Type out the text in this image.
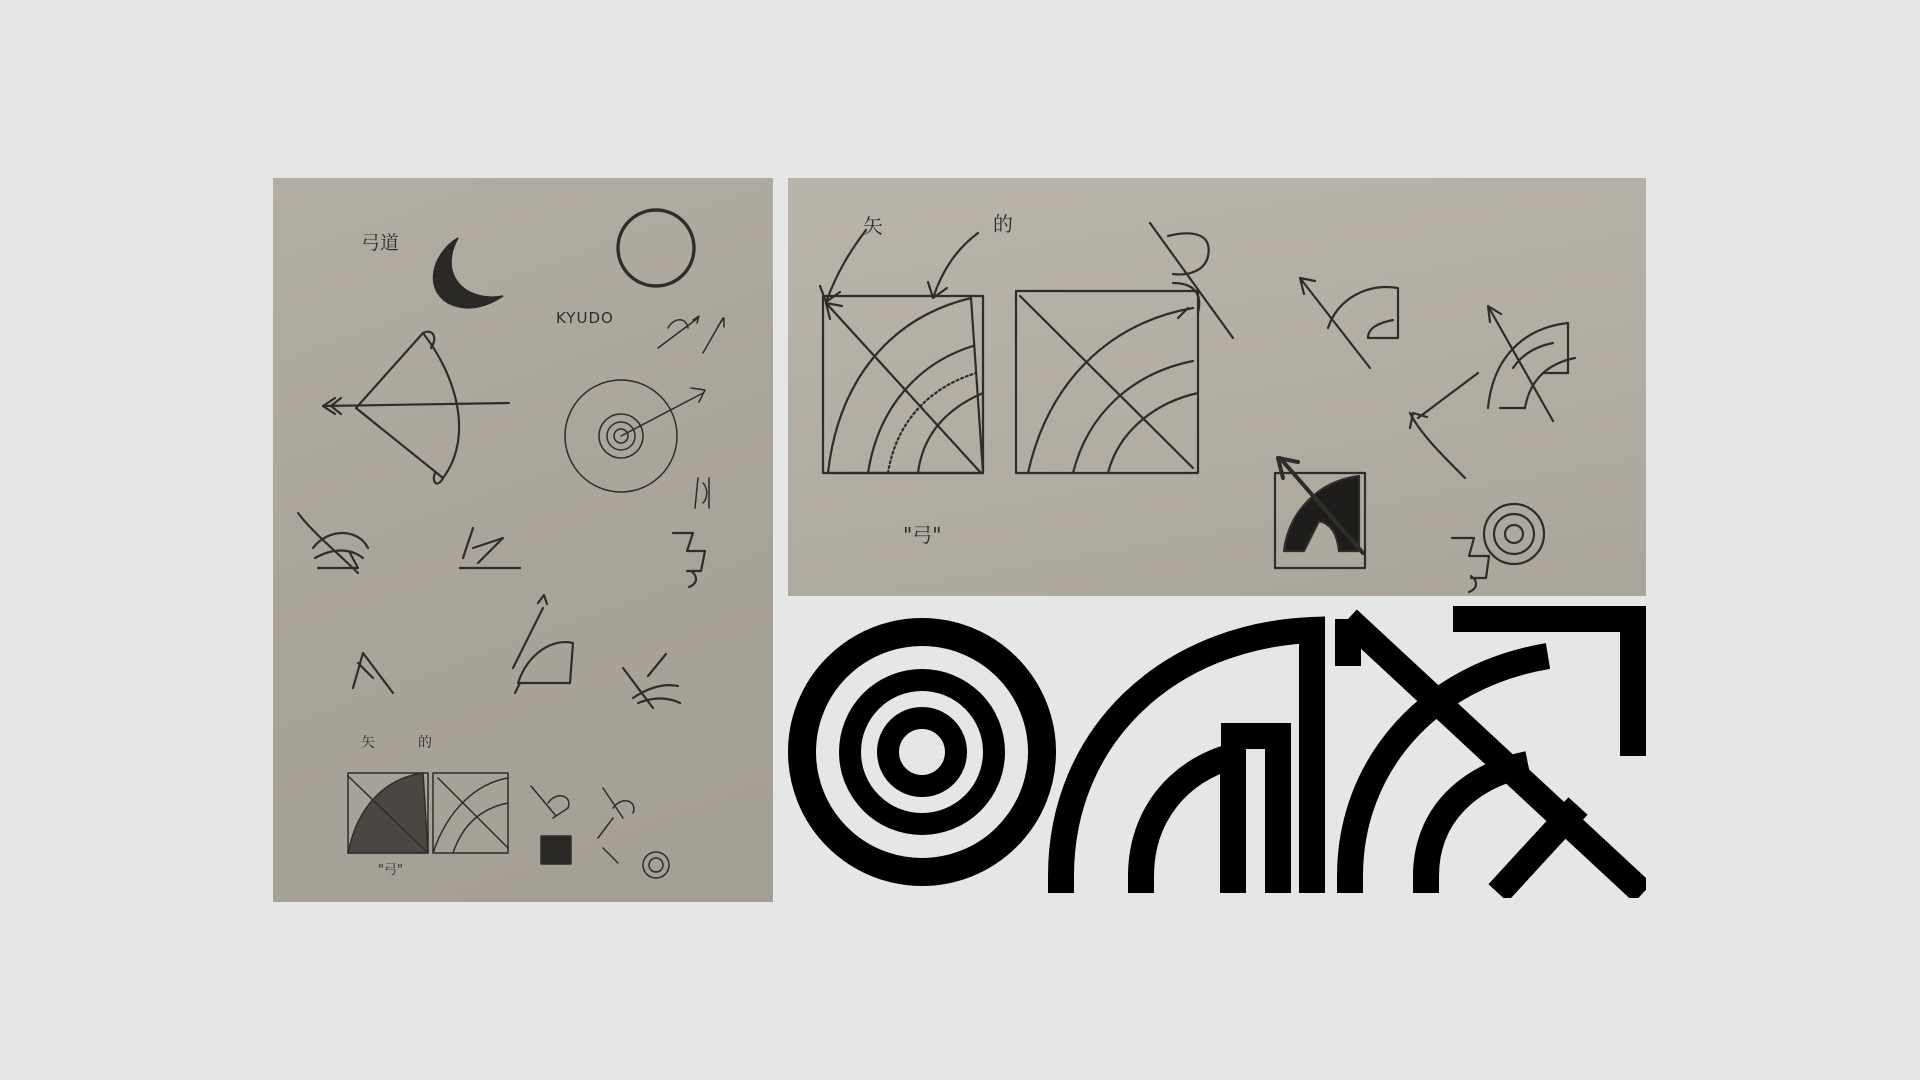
弓道
KYUDO
矢	的
"弓"
矢	的
"弓"
